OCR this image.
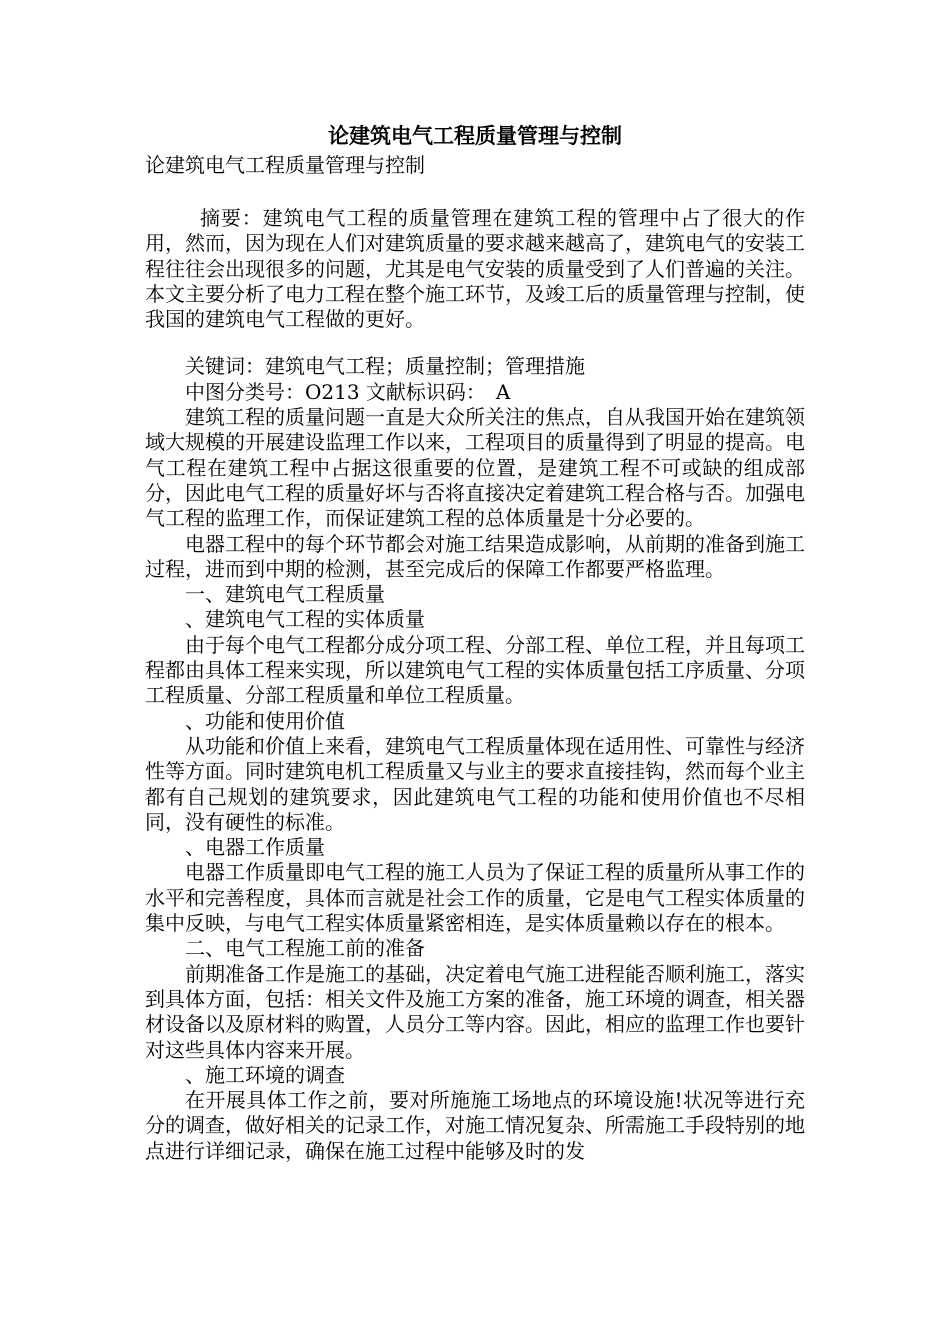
论建筑电气工程质量管理与控制

论建筑电气工程质量管理与控制

摘要：建筑电气工程的质量管理在建筑工程的管理中占了很大的作用，然而，因为现在人们对建筑质量的要求越来越高了，建筑电气的安装工程往往会出现很多的问题，尤其是电气安装的质量受到了人们普遍的关注。本文主要分析了电力工程在整个施工环节，及竣工后的质量管理与控制，使我国的建筑电气工程做的更好。

关键词：建筑电气工程；质量控制；管理措施

中图分类号：O213 文献标识码：　A

建筑工程的质量问题一直是大众所关注的焦点，自从我国开始在建筑领域大规模的开展建设监理工作以来，工程项目的质量得到了明显的提高。电气工程在建筑工程中占据这很重要的位置，是建筑工程不可或缺的组成部分，因此电气工程的质量好坏与否将直接决定着建筑工程合格与否。加强电气工程的监理工作，而保证建筑工程的总体质量是十分必要的。

电器工程中的每个环节都会对施工结果造成影响，从前期的准备到施工过程，进而到中期的检测，甚至完成后的保障工作都要严格监理。

一、建筑电气工程质量

、建筑电气工程的实体质量

由于每个电气工程都分成分项工程、分部工程、单位工程，并且每项工程都由具体工程来实现，所以建筑电气工程的实体质量包括工序质量、分项工程质量、分部工程质量和单位工程质量。

、功能和使用价值

从功能和价值上来看，建筑电气工程质量体现在适用性、可靠性与经济性等方面。同时建筑电机工程质量又与业主的要求直接挂钩，然而每个业主都有自己规划的建筑要求，因此建筑电气工程的功能和使用价值也不尽相同，没有硬性的标准。

、电器工作质量

电器工作质量即电气工程的施工人员为了保证工程的质量所从事工作的水平和完善程度，具体而言就是社会工作的质量，它是电气工程实体质量的集中反映，与电气工程实体质量紧密相连，是实体质量赖以存在的根本。

二、电气工程施工前的准备

前期准备工作是施工的基础，决定着电气施工进程能否顺利施工，落实到具体方面，包括：相关文件及施工方案的准备，施工环境的调查，相关器材设备以及原材料的购置，人员分工等内容。因此，相应的监理工作也要针对这些具体内容来开展。

、施工环境的调查

在开展具体工作之前，要对所施施工场地点的环境设施!状况等进行充分的调查，做好相关的记录工作，对施工情况复杂、所需施工手段特别的地点进行详细记录，确保在施工过程中能够及时的发
